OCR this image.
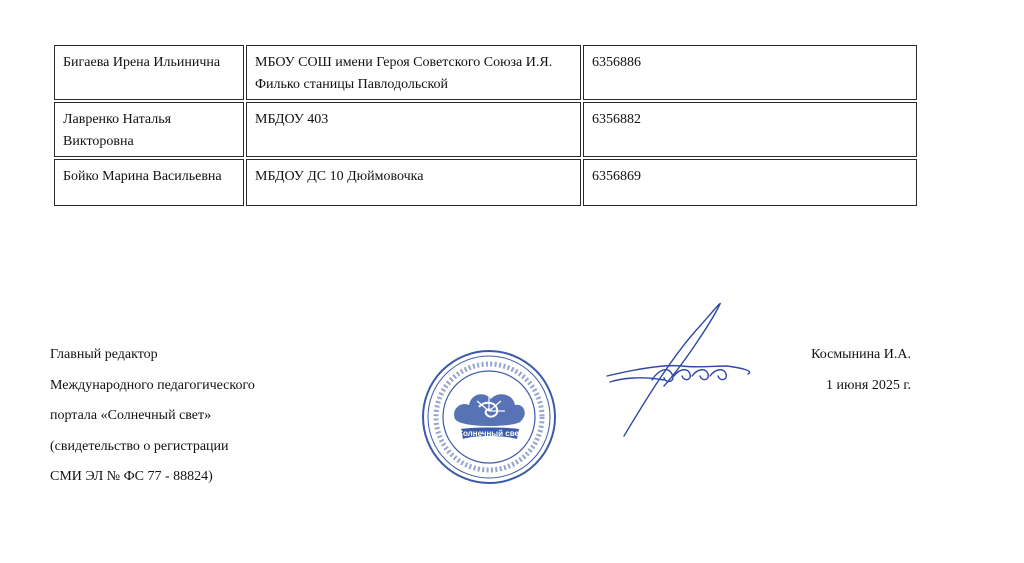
Бигаева Ирена Ильинична	МБОУ СОШ имени Героя Советского Союза И.Я. Филько станицы Павлодольской	6356886
Лавренко Наталья Викторовна	МБДОУ 403	6356882
Бойко Марина Васильевна	МБДОУ ДС 10 Дюймовочка	6356869
Главный редактор
Международного педагогического
портала «Солнечный свет»
(свидетельство о регистрации
СМИ ЭЛ № ФС 77 - 88824)
Космынина И.А.
1 июня 2025 г.
Солнечный свет
